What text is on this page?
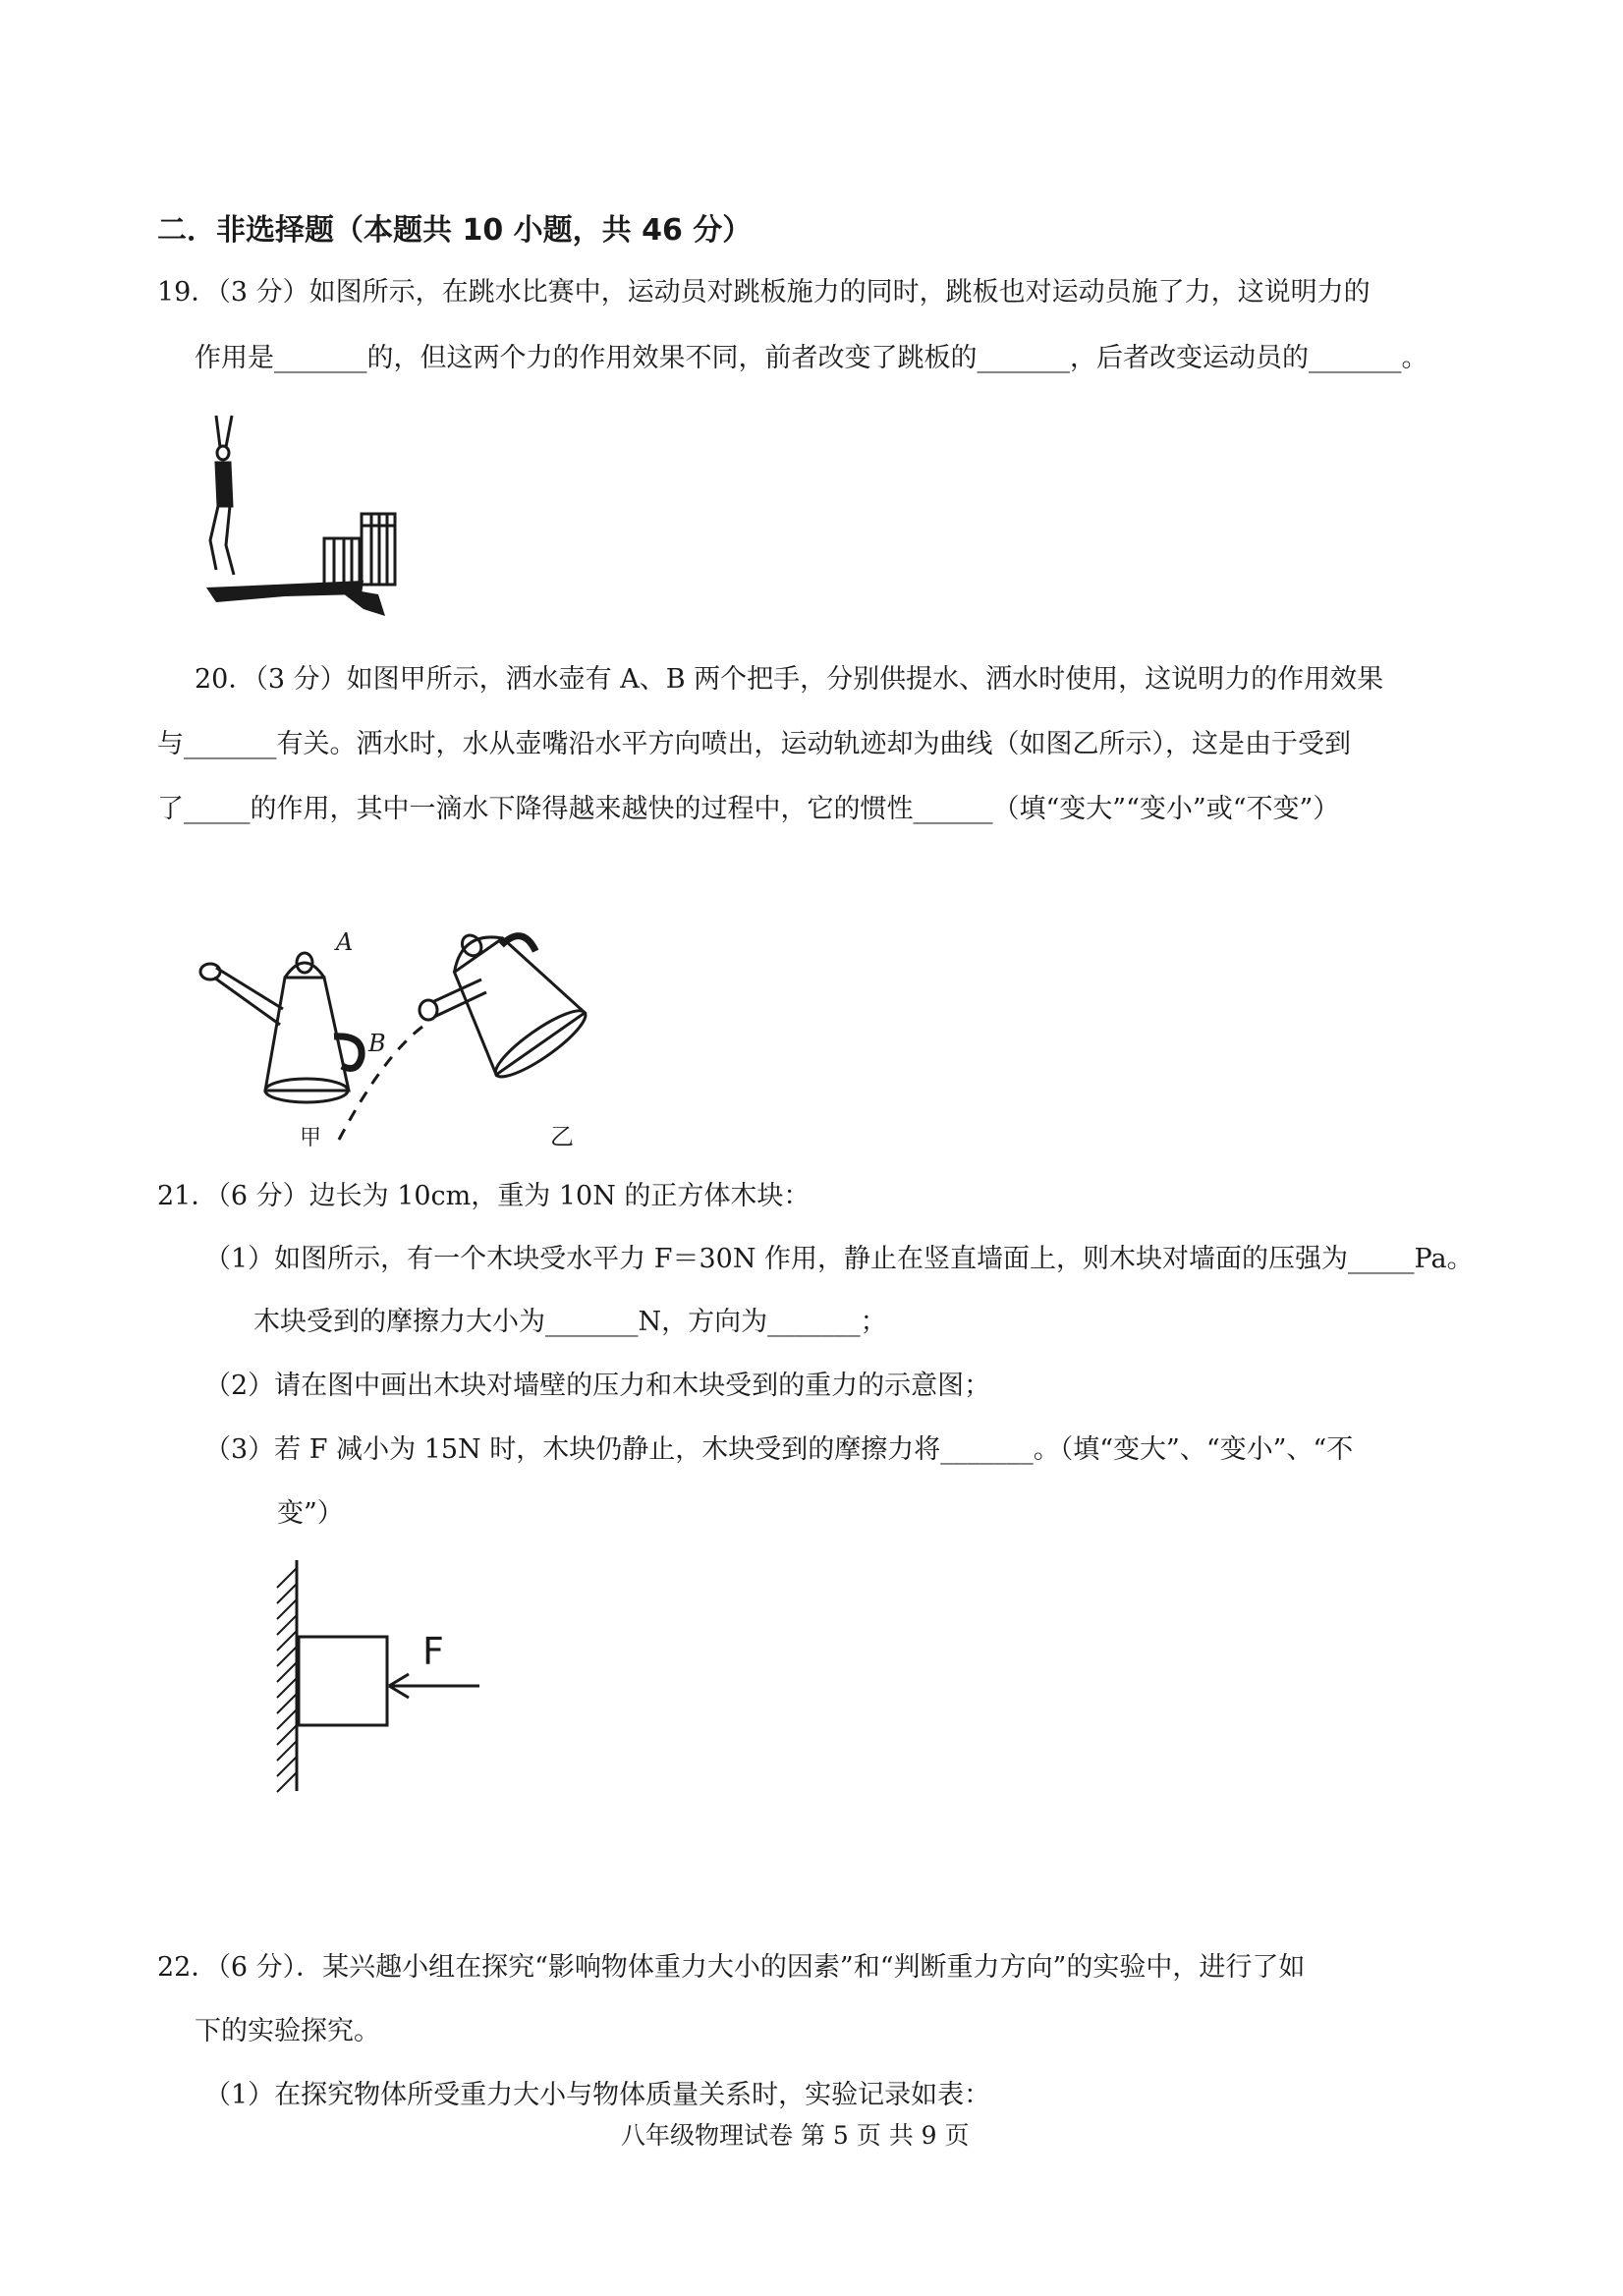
二．非选择题（本题共 10 小题，共 46 分）
19．（3 分）如图所示，在跳水比赛中，运动员对跳板施力的同时，跳板也对运动员施了力，这说明力的
作用是_______的，但这两个力的作用效果不同，前者改变了跳板的_______，后者改变运动员的_______。
20．（3 分）如图甲所示，洒水壶有 A、B 两个把手，分别供提水、洒水时使用，这说明力的作用效果
与_______有关。洒水时，水从壶嘴沿水平方向喷出，运动轨迹却为曲线（如图乙所示），这是由于受到
了_____的作用，其中一滴水下降得越来越快的过程中，它的惯性______（填“变大”“变小”或“不变”）
A
B
甲	乙
21．（6 分）边长为 10cm，重为 10N 的正方体木块：
（1）如图所示，有一个木块受水平力 F＝30N 作用，静止在竖直墙面上，则木块对墙面的压强为_____Pa。
木块受到的摩擦力大小为_______N，方向为_______；
（2）请在图中画出木块对墙壁的压力和木块受到的重力的示意图；
（3）若 F 减小为 15N 时，木块仍静止，木块受到的摩擦力将_______。（填“变大”、“变小”、“不
变”）
F
22．（6 分）．某兴趣小组在探究“影响物体重力大小的因素”和“判断重力方向”的实验中，进行了如
下的实验探究。
（1）在探究物体所受重力大小与物体质量关系时，实验记录如表：
八年级物理试卷 第 5 页 共 9 页
